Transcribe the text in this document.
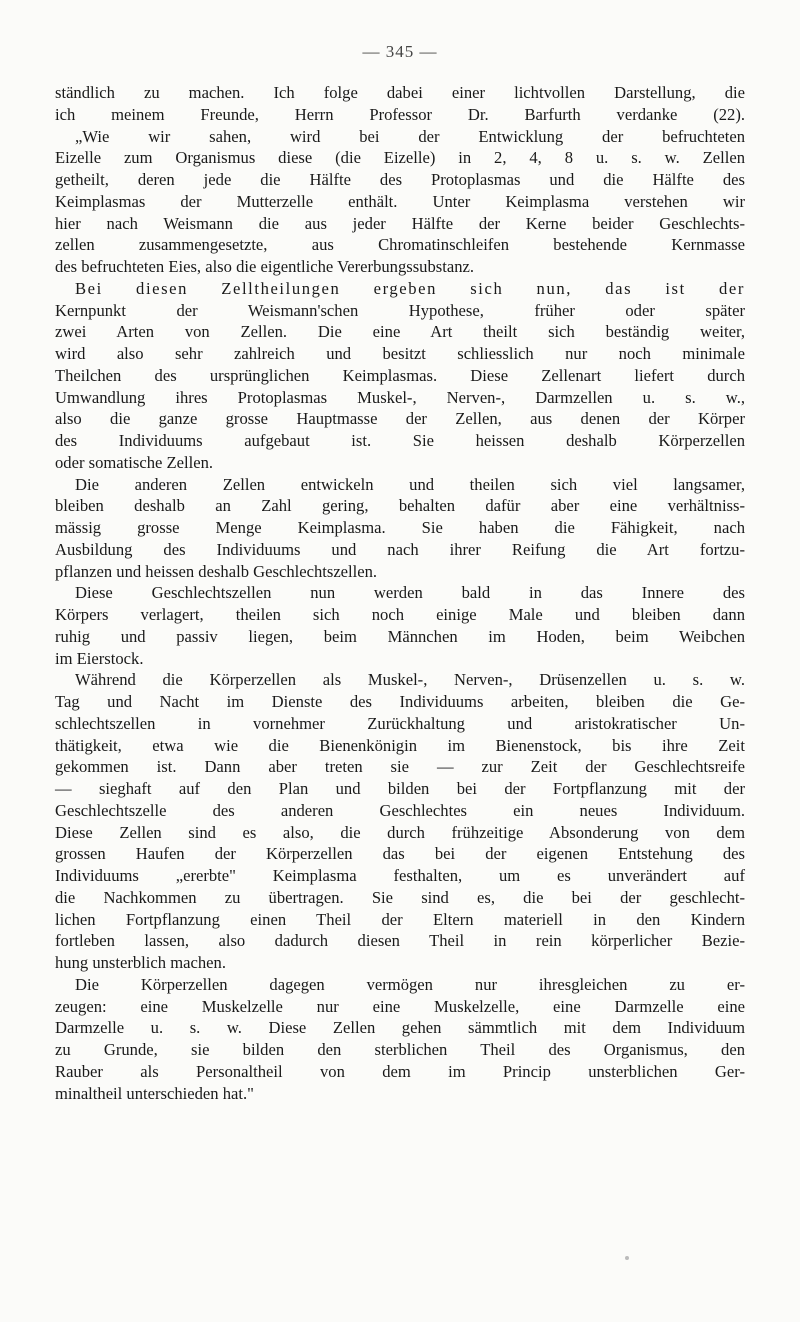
— 345 —
ständlich zu machen. Ich folge dabei einer lichtvollen Darstellung, die
ich meinem Freunde, Herrn Professor Dr. Barfurth verdanke (22).
„Wie wir sahen, wird bei der Entwicklung der befruchteten
Eizelle zum Organismus diese (die Eizelle) in 2, 4, 8 u. s. w. Zellen
getheilt, deren jede die Hälfte des Protoplasmas und die Hälfte des
Keimplasmas der Mutterzelle enthält. Unter Keimplasma verstehen wir
hier nach Weismann die aus jeder Hälfte der Kerne beider Geschlechts-
zellen zusammengesetzte, aus Chromatinschleifen bestehende Kernmasse
des befruchteten Eies, also die eigentliche Vererbungssubstanz.
Bei diesen Zelltheilungen ergeben sich nun, das ist der
Kernpunkt der Weismann'schen Hypothese, früher oder später
zwei Arten von Zellen. Die eine Art theilt sich beständig weiter,
wird also sehr zahlreich und besitzt schliesslich nur noch minimale
Theilchen des ursprünglichen Keimplasmas. Diese Zellenart liefert durch
Umwandlung ihres Protoplasmas Muskel-, Nerven-, Darmzellen u. s. w.,
also die ganze grosse Hauptmasse der Zellen, aus denen der Körper
des Individuums aufgebaut ist. Sie heissen deshalb Körperzellen
oder somatische Zellen.
Die anderen Zellen entwickeln und theilen sich viel langsamer,
bleiben deshalb an Zahl gering, behalten dafür aber eine verhältniss-
mässig grosse Menge Keimplasma. Sie haben die Fähigkeit, nach
Ausbildung des Individuums und nach ihrer Reifung die Art fortzu-
pflanzen und heissen deshalb Geschlechtszellen.
Diese Geschlechtszellen nun werden bald in das Innere des
Körpers verlagert, theilen sich noch einige Male und bleiben dann
ruhig und passiv liegen, beim Männchen im Hoden, beim Weibchen
im Eierstock.
Während die Körperzellen als Muskel-, Nerven-, Drüsenzellen u. s. w.
Tag und Nacht im Dienste des Individuums arbeiten, bleiben die Ge-
schlechtszellen in vornehmer Zurückhaltung und aristokratischer Un-
thätigkeit, etwa wie die Bienenkönigin im Bienenstock, bis ihre Zeit
gekommen ist. Dann aber treten sie — zur Zeit der Geschlechtsreife
— sieghaft auf den Plan und bilden bei der Fortpflanzung mit der
Geschlechtszelle des anderen Geschlechtes ein neues Individuum.
Diese Zellen sind es also, die durch frühzeitige Absonderung von dem
grossen Haufen der Körperzellen das bei der eigenen Entstehung des
Individuums „ererbte" Keimplasma festhalten, um es unverändert auf
die Nachkommen zu übertragen. Sie sind es, die bei der geschlecht-
lichen Fortpflanzung einen Theil der Eltern materiell in den Kindern
fortleben lassen, also dadurch diesen Theil in rein körperlicher Bezie-
hung unsterblich machen.
Die Körperzellen dagegen vermögen nur ihresgleichen zu er-
zeugen: eine Muskelzelle nur eine Muskelzelle, eine Darmzelle eine
Darmzelle u. s. w. Diese Zellen gehen sämmtlich mit dem Individuum
zu Grunde, sie bilden den sterblichen Theil des Organismus, den
Rauber als Personaltheil von dem im Princip unsterblichen Ger-
minaltheil unterschieden hat."
